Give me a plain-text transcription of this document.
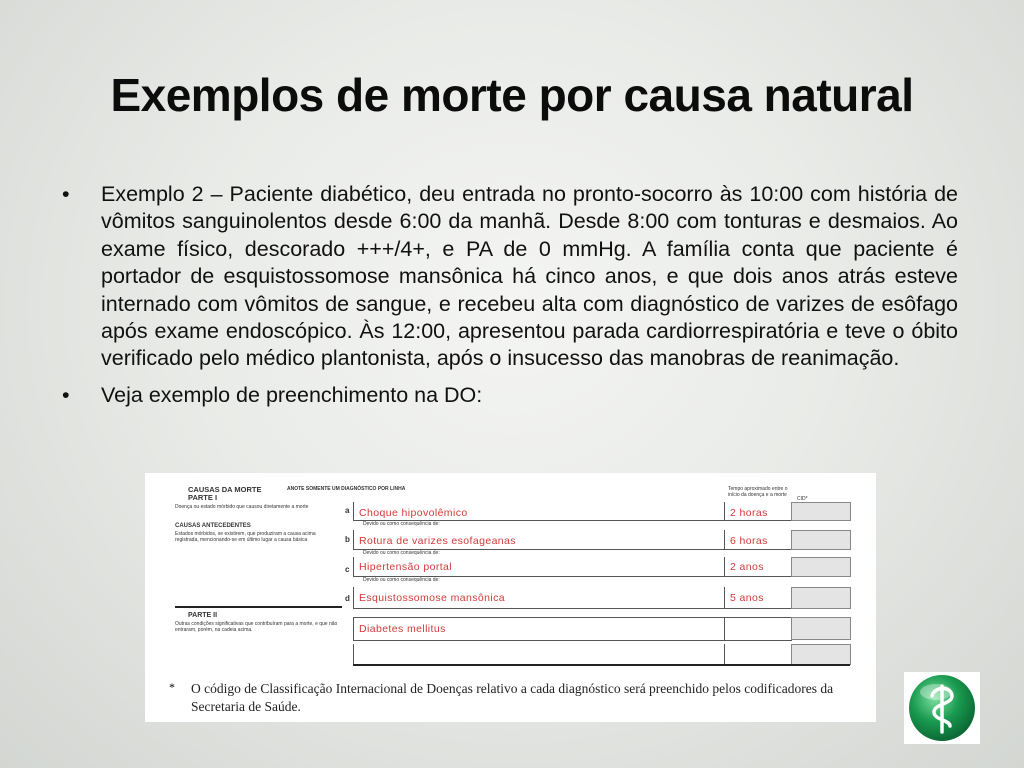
Exemplos de morte por causa natural
• Exemplo 2 – Paciente diabético, deu entrada no pronto-socorro às 10:00 com história de vômitos sanguinolentos desde 6:00 da manhã. Desde 8:00 com tonturas e desmaios. Ao exame físico, descorado +++/4+, e PA de 0 mmHg. A família conta que paciente é portador de esquistossomose mansônica há cinco anos, e que dois anos atrás esteve internado com vômitos de sangue, e recebeu alta com diagnóstico de varizes de esôfago após exame endoscópico. Às 12:00, apresentou parada cardiorrespiratória e teve o óbito verificado pelo médico plantonista, após o insucesso das manobras de reanimação.
• Veja exemplo de preenchimento na DO:
CAUSAS DA MORTE
PARTE I
Doença ou estado mórbido que causou diretamente a morte
CAUSAS ANTECEDENTES
Estados mórbidos, se existirem, que produziram a causa acima registrada, mencionando-se em último lugar a causa básica
PARTE II
Outras condições significativas que contribuíram para a morte, e que não entraram, porém, na cadeia acima.
ANOTE SOMENTE UM DIAGNÓSTICO POR LINHA	Tempo aproximado entre o início da doença e a morte
CID*
a Choque hipovolêmico	2 horas
Devido ou como consequência de:
b Rotura de varizes esofageanas	6 horas
Devido ou como consequência de:
c Hipertensão portal	2 anos
Devido ou como consequência de:
d Esquistossomose mansônica	5 anos
Diabetes mellitus
* O código de Classificação Internacional de Doenças relativo a cada diagnóstico será preenchido pelos codificadores da Secretaria de Saúde.
